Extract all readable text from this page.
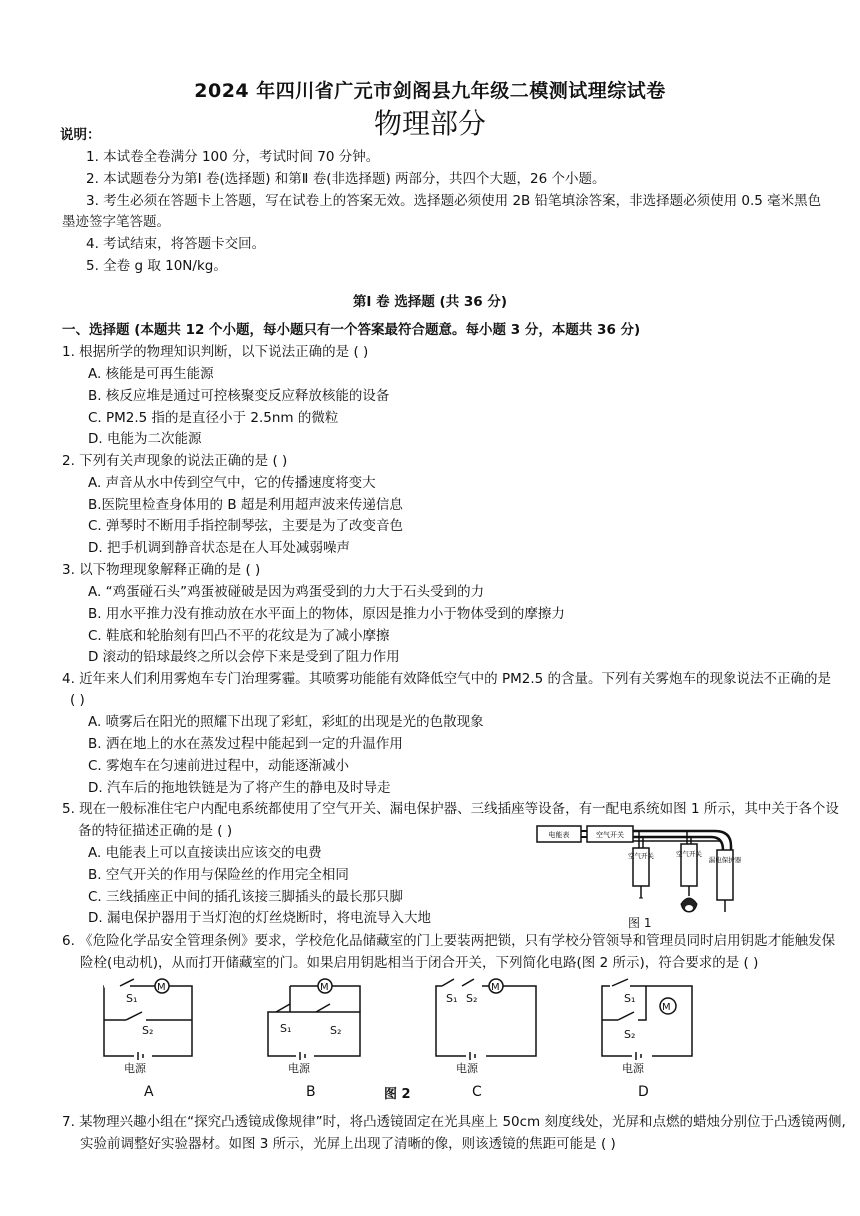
2024 年四川省广元市剑阁县九年级二模测试理综试卷
物理部分
说明：
1. 本试卷全卷满分 100 分，考试时间 70 分钟。
2. 本试题卷分为第Ⅰ 卷(选择题) 和第Ⅱ 卷(非选择题) 两部分，共四个大题，26 个小题。
3. 考生必须在答题卡上答题，写在试卷上的答案无效。选择题必须使用 2B 铅笔填涂答案，非选择题必须使用 0.5 毫米黑色
墨迹签字笔答题。
4. 考试结束，将答题卡交回。
5. 全卷 g 取 10N/kg。
第Ⅰ 卷 选择题 (共 36 分)
一、选择题 (本题共 12 个小题，每小题只有一个答案最符合题意。每小题 3 分，本题共 36 分)
1. 根据所学的物理知识判断，以下说法正确的是 ( )
A. 核能是可再生能源
B. 核反应堆是通过可控核聚变反应释放核能的设备
C. PM2.5 指的是直径小于 2.5nm 的微粒
D. 电能为二次能源
2. 下列有关声现象的说法正确的是 ( )
A. 声音从水中传到空气中，它的传播速度将变大
B.医院里检查身体用的 B 超是利用超声波来传递信息
C. 弹琴时不断用手指控制琴弦，主要是为了改变音色
D. 把手机调到静音状态是在人耳处减弱噪声
3. 以下物理现象解释正确的是 ( )
A. “鸡蛋碰石头”鸡蛋被碰破是因为鸡蛋受到的力大于石头受到的力
B. 用水平推力没有推动放在水平面上的物体，原因是推力小于物体受到的摩擦力
C. 鞋底和轮胎刻有凹凸不平的花纹是为了减小摩擦
D 滚动的铅球最终之所以会停下来是受到了阻力作用
4. 近年来人们利用雾炮车专门治理雾霾。其喷雾功能能有效降低空气中的 PM2.5 的含量。下列有关雾炮车的现象说法不正确的是
( )
A. 喷雾后在阳光的照耀下出现了彩虹，彩虹的出现是光的色散现象
B. 洒在地上的水在蒸发过程中能起到一定的升温作用
C. 雾炮车在匀速前进过程中，动能逐渐减小
D. 汽车后的拖地铁链是为了将产生的静电及时导走
5. 现在一般标准住宅户内配电系统都使用了空气开关、漏电保护器、三线插座等设备，有一配电系统如图 1 所示，其中关于各个设
备的特征描述正确的是 ( )
A. 电能表上可以直接读出应该交的电费
B. 空气开关的作用与保险丝的作用完全相同
C. 三线插座正中间的插孔该接三脚插头的最长那只脚
D. 漏电保护器用于当灯泡的灯丝烧断时，将电流导入大地
电能表	空气开关
空气开关	空气开关
漏电保护器
图 1
6. 《危险化学品安全管理条例》要求，学校危化品储藏室的门上要装两把锁，只有学校分管领导和管理员同时启用钥匙才能触发保
险栓(电动机)，从而打开储藏室的门。如果启用钥匙相当于闭合开关，下列简化电路(图 2 所示)，符合要求的是 ( )
S₁
S₂
M
电源
A
S₁	S₂
M
电源
B
S₁ S₂
M
电源
C
S₁
S₂
M
电源
D
图 2
7. 某物理兴趣小组在“探究凸透镜成像规律”时，将凸透镜固定在光具座上 50cm 刻度线处，光屏和点燃的蜡烛分别位于凸透镜两侧,
实验前调整好实验器材。如图 3 所示，光屏上出现了清晰的像，则该透镜的焦距可能是 ( )
